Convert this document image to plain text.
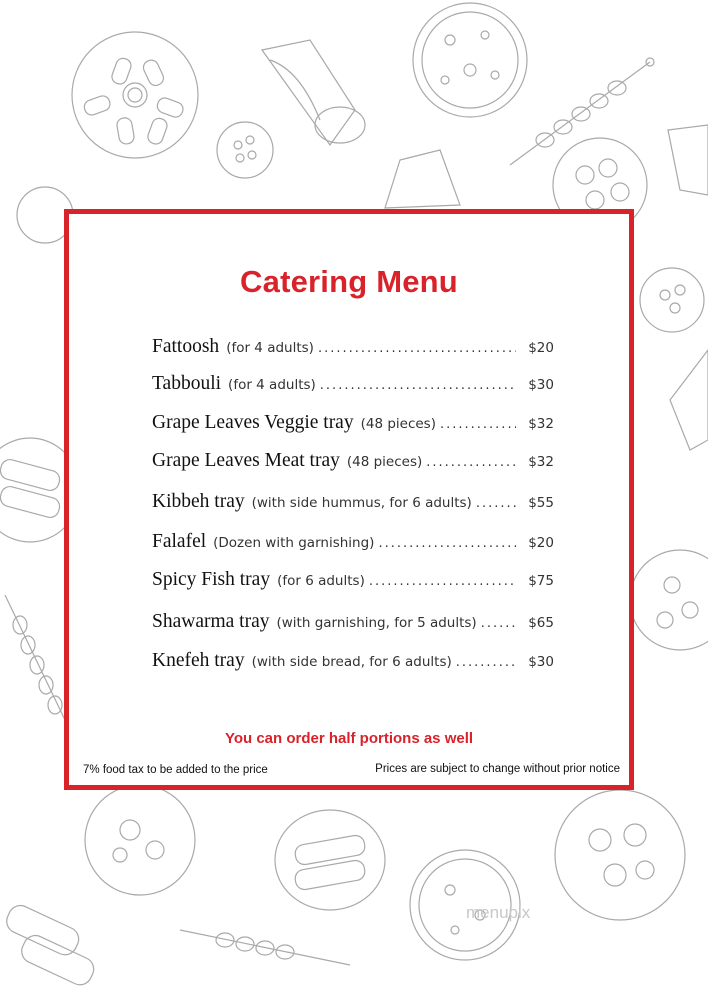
Catering Menu
Fattoosh (for 4 adults) .....	$20
Tabbouli (for 4 adults) .....	$30
Grape Leaves Veggie tray (48 pieces) .....	$32
Grape Leaves Meat tray (48 pieces) .....	$32
Kibbeh tray (with side hummus, for 6 adults) .....	$55
Falafel (Dozen with garnishing) .....	$20
Spicy Fish tray (for 6 adults) .....	$75
Shawarma tray (with garnishing, for 5 adults) .....	$65
Knefeh tray (with side bread, for 6 adults) .....	$30
You can order half portions as well
7% food tax to be added to the price	Prices are subject to change without prior notice
menupix
